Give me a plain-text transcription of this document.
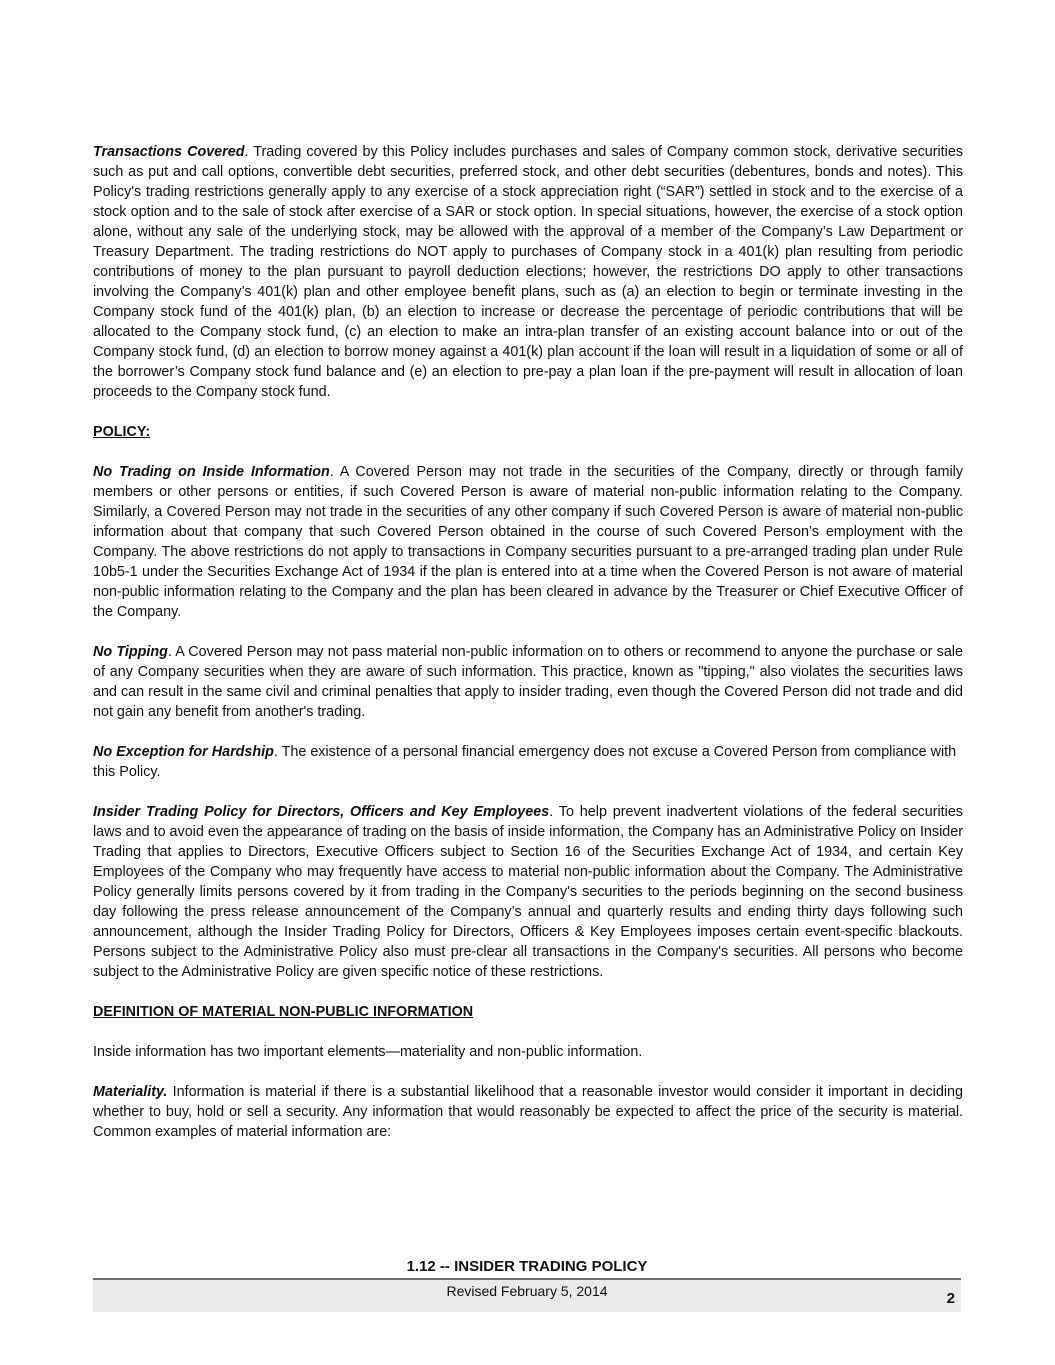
Transactions Covered. Trading covered by this Policy includes purchases and sales of Company common stock, derivative securities such as put and call options, convertible debt securities, preferred stock, and other debt securities (debentures, bonds and notes). This Policy's trading restrictions generally apply to any exercise of a stock appreciation right (“SAR”) settled in stock and to the exercise of a stock option and to the sale of stock after exercise of a SAR or stock option. In special situations, however, the exercise of a stock option alone, without any sale of the underlying stock, may be allowed with the approval of a member of the Company’s Law Department or Treasury Department. The trading restrictions do NOT apply to purchases of Company stock in a 401(k) plan resulting from periodic contributions of money to the plan pursuant to payroll deduction elections; however, the restrictions DO apply to other transactions involving the Company’s 401(k) plan and other employee benefit plans, such as (a) an election to begin or terminate investing in the Company stock fund of the 401(k) plan, (b) an election to increase or decrease the percentage of periodic contributions that will be allocated to the Company stock fund, (c) an election to make an intra-plan transfer of an existing account balance into or out of the Company stock fund, (d) an election to borrow money against a 401(k) plan account if the loan will result in a liquidation of some or all of the borrower’s Company stock fund balance and (e) an election to pre-pay a plan loan if the pre-payment will result in allocation of loan proceeds to the Company stock fund.

POLICY:

No Trading on Inside Information. A Covered Person may not trade in the securities of the Company, directly or through family members or other persons or entities, if such Covered Person is aware of material non-public information relating to the Company. Similarly, a Covered Person may not trade in the securities of any other company if such Covered Person is aware of material non-public information about that company that such Covered Person obtained in the course of such Covered Person’s employment with the Company. The above restrictions do not apply to transactions in Company securities pursuant to a pre-arranged trading plan under Rule 10b5-1 under the Securities Exchange Act of 1934 if the plan is entered into at a time when the Covered Person is not aware of material non-public information relating to the Company and the plan has been cleared in advance by the Treasurer or Chief Executive Officer of the Company.

No Tipping. A Covered Person may not pass material non-public information on to others or recommend to anyone the purchase or sale of any Company securities when they are aware of such information. This practice, known as "tipping," also violates the securities laws and can result in the same civil and criminal penalties that apply to insider trading, even though the Covered Person did not trade and did not gain any benefit from another's trading.

No Exception for Hardship. The existence of a personal financial emergency does not excuse a Covered Person from compliance with this Policy.

Insider Trading Policy for Directors, Officers and Key Employees. To help prevent inadvertent violations of the federal securities laws and to avoid even the appearance of trading on the basis of inside information, the Company has an Administrative Policy on Insider Trading that applies to Directors, Executive Officers subject to Section 16 of the Securities Exchange Act of 1934, and certain Key Employees of the Company who may frequently have access to material non-public information about the Company. The Administrative Policy generally limits persons covered by it from trading in the Company's securities to the periods beginning on the second business day following the press release announcement of the Company’s annual and quarterly results and ending thirty days following such announcement, although the Insider Trading Policy for Directors, Officers & Key Employees imposes certain event-specific blackouts. Persons subject to the Administrative Policy also must pre-clear all transactions in the Company's securities. All persons who become subject to the Administrative Policy are given specific notice of these restrictions.

DEFINITION OF MATERIAL NON-PUBLIC INFORMATION

Inside information has two important elements—materiality and non-public information.

Materiality. Information is material if there is a substantial likelihood that a reasonable investor would consider it important in deciding whether to buy, hold or sell a security. Any information that would reasonably be expected to affect the price of the security is material. Common examples of material information are:

1.12 -- INSIDER TRADING POLICY
Revised February 5, 2014	2
